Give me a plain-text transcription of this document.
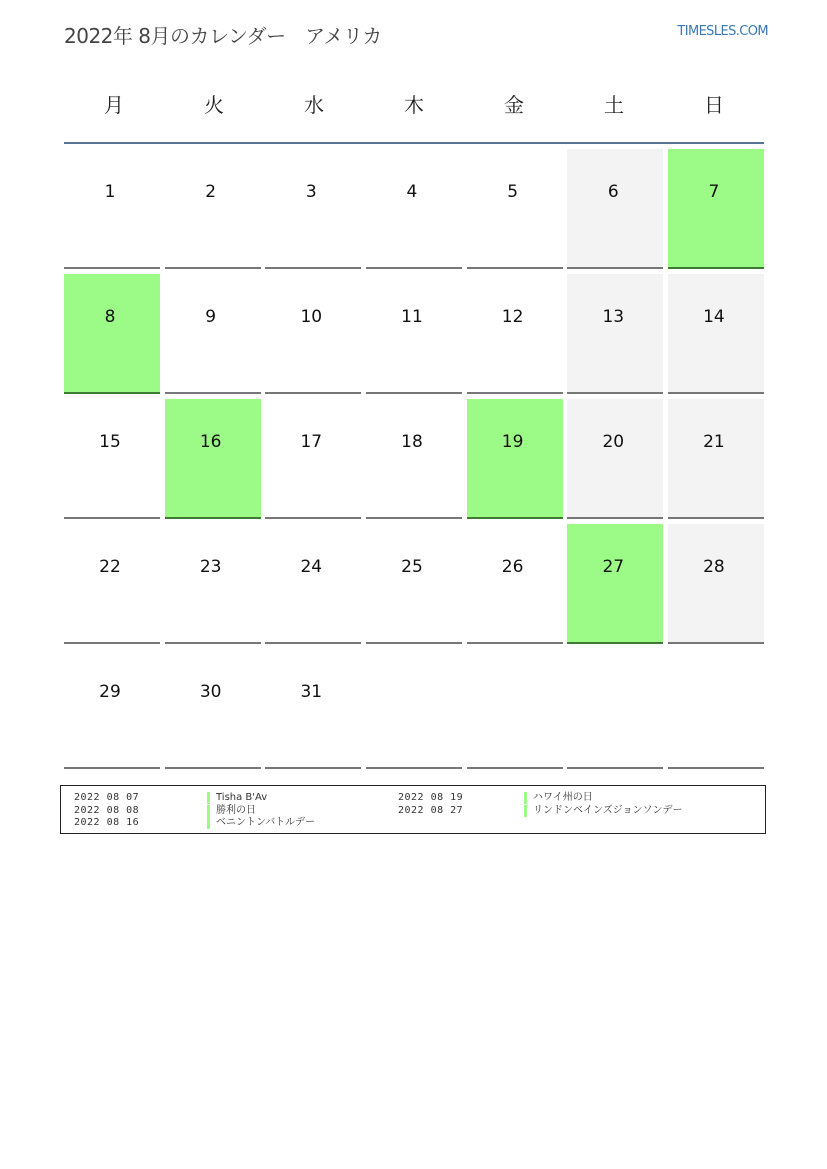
2022年 8月のカレンダー　アメリカ	TIMESLES.COM
月	火	水	木	金	土	日
1	2	3	4	5	6	7
8	9	10	11	12	13	14
15	16	17	18	19	20	21
22	23	24	25	26	27	28
29	30	31
2022 08 07	Tisha B'Av
2022 08 08	勝利の日
2022 08 16	ベニントンバトルデー
2022 08 19	ハワイ州の日
2022 08 27	リンドンベインズジョンソンデー
